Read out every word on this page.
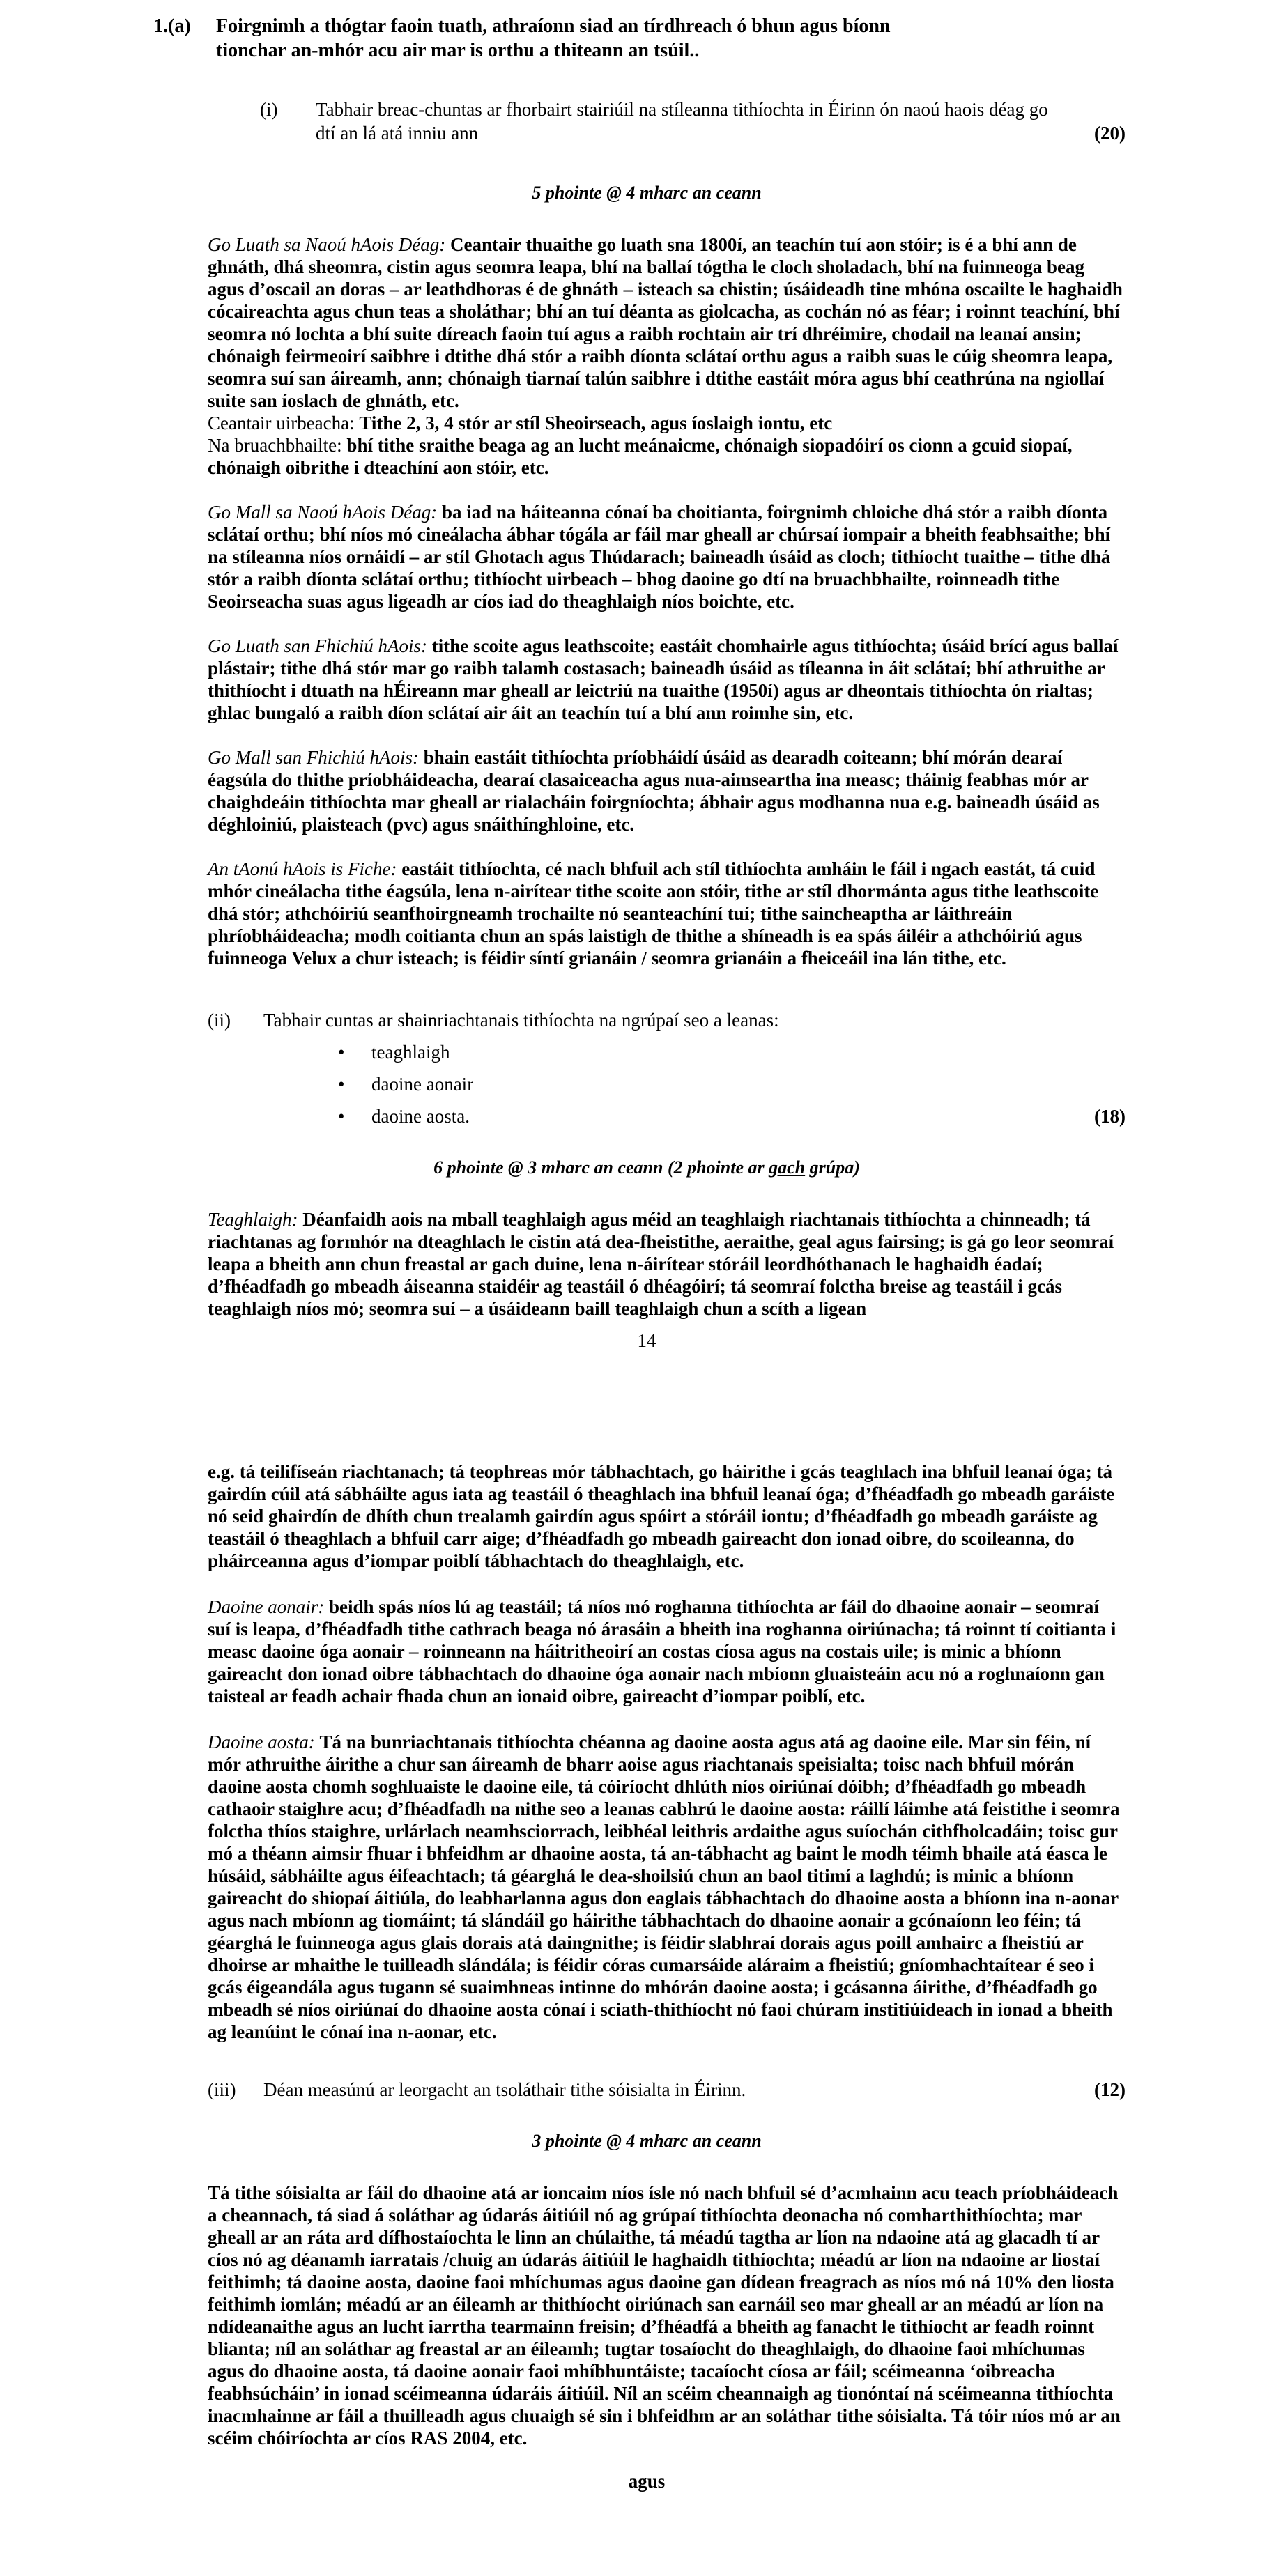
1.(a)	Foirgnimh a thógtar faoin tuath, athraíonn siad an tírdhreach ó bhun agus bíonn tionchar an-mhór acu air mar is orthu a thiteann an tsúil..
(i)	Tabhair breac-chuntas ar fhorbairt stairiúil na stíleanna tithíochta in Éirinn ón naoú haois déag go dtí an lá atá inniu ann	(20)
5 phointe @ 4 mharc an ceann

Go Luath sa Naoú hAois Déag: Ceantair thuaithe go luath sna 1800í, an teachín tuí aon stóir; is é a bhí ann de ghnáth, dhá sheomra, cistin agus seomra leapa, bhí na ballaí tógtha le cloch sholadach, bhí na fuinneoga beag agus d’oscail an doras – ar leathdhoras é de ghnáth – isteach sa chistin; úsáideadh tine mhóna oscailte le haghaidh cócaireachta agus chun teas a sholáthar; bhí an tuí déanta as giolcacha, as cochán nó as féar; i roinnt teachíní, bhí seomra nó lochta a bhí suite díreach faoin tuí agus a raibh rochtain air trí dhréimire, chodail na leanaí ansin; chónaigh feirmeoirí saibhre i dtithe dhá stór a raibh díonta sclátaí orthu agus a raibh suas le cúig sheomra leapa, seomra suí san áireamh, ann; chónaigh tiarnaí talún saibhre i dtithe eastáit móra agus bhí ceathrúna na ngiollaí suite san íoslach de ghnáth, etc.
Ceantair uirbeacha: Tithe 2, 3, 4 stór ar stíl Sheoirseach, agus íoslaigh iontu, etc
Na bruachbhailte: bhí tithe sraithe beaga ag an lucht meánaicme, chónaigh siopadóirí os cionn a gcuid siopaí, chónaigh oibrithe i dteachíní aon stóir, etc.

Go Mall sa Naoú hAois Déag: ba iad na háiteanna cónaí ba choitianta, foirgnimh chloiche dhá stór a raibh díonta sclátaí orthu; bhí níos mó cineálacha ábhar tógála ar fáil mar gheall ar chúrsaí iompair a bheith feabhsaithe; bhí na stíleanna níos ornáidí – ar stíl Ghotach agus Thúdarach; baineadh úsáid as cloch; tithíocht tuaithe – tithe dhá stór a raibh díonta sclátaí orthu; tithíocht uirbeach – bhog daoine go dtí na bruachbhailte, roinneadh tithe Seoirseacha suas agus ligeadh ar cíos iad do theaghlaigh níos boichte, etc.

Go Luath san Fhichiú hAois: tithe scoite agus leathscoite; eastáit chomhairle agus tithíochta; úsáid brící agus ballaí plástair; tithe dhá stór mar go raibh talamh costasach; baineadh úsáid as tíleanna in áit sclátaí; bhí athruithe ar thithíocht i dtuath na hÉireann mar gheall ar leictriú na tuaithe (1950í) agus ar dheontais tithíochta ón rialtas; ghlac bungaló a raibh díon sclátaí air áit an teachín tuí a bhí ann roimhe sin, etc.

Go Mall san Fhichiú hAois: bhain eastáit tithíochta príobháidí úsáid as dearadh coiteann; bhí mórán dearaí éagsúla do thithe príobháideacha, dearaí clasaiceacha agus nua-aimseartha ina measc; tháinig feabhas mór ar chaighdeáin tithíochta mar gheall ar rialacháin foirgníochta; ábhair agus modhanna nua e.g. baineadh úsáid as déghloiniú, plaisteach (pvc) agus snáithínghloine, etc.

An tAonú hAois is Fiche: eastáit tithíochta, cé nach bhfuil ach stíl tithíochta amháin le fáil i ngach eastát, tá cuid mhór cineálacha tithe éagsúla, lena n-airítear tithe scoite aon stóir, tithe ar stíl dhormánta agus tithe leathscoite dhá stór; athchóiriú seanfhoirgneamh trochailte nó seanteachíní tuí; tithe saincheaptha ar láithreáin phríobháideacha; modh coitianta chun an spás laistigh de thithe a shíneadh is ea spás áiléir a athchóiriú agus fuinneoga Velux a chur isteach; is féidir síntí grianáin / seomra grianáin a fheiceáil ina lán tithe, etc.

(ii)	Tabhair cuntas ar shainriachtanais tithíochta na ngrúpaí seo a leanas:
•	teaghlaigh
•	daoine aonair
•	daoine aosta.	(18)
6 phointe @ 3 mharc an ceann (2 phointe ar gach grúpa)

Teaghlaigh: Déanfaidh aois na mball teaghlaigh agus méid an teaghlaigh riachtanais tithíochta a chinneadh; tá riachtanas ag formhór na dteaghlach le cistin atá dea-fheistithe, aeraithe, geal agus fairsing; is gá go leor seomraí leapa a bheith ann chun freastal ar gach duine, lena n-áirítear stóráil leordhóthanach le haghaidh éadaí; d’fhéadfadh go mbeadh áiseanna staidéir ag teastáil ó dhéagóirí; tá seomraí folctha breise ag teastáil i gcás teaghlaigh níos mó; seomra suí – a úsáideann baill teaghlaigh chun a scíth a ligean

14

e.g. tá teilifíseán riachtanach; tá teophreas mór tábhachtach, go háirithe i gcás teaghlach ina bhfuil leanaí óga; tá gairdín cúil atá sábháilte agus iata ag teastáil ó theaghlach ina bhfuil leanaí óga; d’fhéadfadh go mbeadh garáiste nó seid ghairdín de dhíth chun trealamh gairdín agus spóirt a stóráil iontu; d’fhéadfadh go mbeadh garáiste ag teastáil ó theaghlach a bhfuil carr aige; d’fhéadfadh go mbeadh gaireacht don ionad oibre, do scoileanna, do pháirceanna agus d’iompar poiblí tábhachtach do theaghlaigh, etc.

Daoine aonair: beidh spás níos lú ag teastáil; tá níos mó roghanna tithíochta ar fáil do dhaoine aonair – seomraí suí is leapa, d’fhéadfadh tithe cathrach beaga nó árasáin a bheith ina roghanna oiriúnacha; tá roinnt tí coitianta i measc daoine óga aonair – roinneann na háitritheoirí an costas cíosa agus na costais uile; is minic a bhíonn gaireacht don ionad oibre tábhachtach do dhaoine óga aonair nach mbíonn gluaisteáin acu nó a roghnaíonn gan taisteal ar feadh achair fhada chun an ionaid oibre, gaireacht d’iompar poiblí, etc.

Daoine aosta: Tá na bunriachtanais tithíochta chéanna ag daoine aosta agus atá ag daoine eile. Mar sin féin, ní mór athruithe áirithe a chur san áireamh de bharr aoise agus riachtanais speisialta; toisc nach bhfuil mórán daoine aosta chomh soghluaiste le daoine eile, tá cóiríocht dhlúth níos oiriúnaí dóibh; d’fhéadfadh go mbeadh cathaoir staighre acu; d’fhéadfadh na nithe seo a leanas cabhrú le daoine aosta: ráillí láimhe atá feistithe i seomra folctha thíos staighre, urlárlach neamhsciorrach, leibhéal leithris ardaithe agus suíochán cithfholcadáin; toisc gur mó a théann aimsir fhuar i bhfeidhm ar dhaoine aosta, tá an-tábhacht ag baint le modh téimh bhaile atá éasca le húsáid, sábháilte agus éifeachtach; tá géarghá le dea-shoilsiú chun an baol titimí a laghdú; is minic a bhíonn gaireacht do shiopaí áitiúla, do leabharlanna agus don eaglais tábhachtach do dhaoine aosta a bhíonn ina n-aonar agus nach mbíonn ag tiomáint; tá slándáil go háirithe tábhachtach do dhaoine aonair a gcónaíonn leo féin; tá géarghá le fuinneoga agus glais dorais atá daingnithe; is féidir slabhraí dorais agus poill amhairc a fheistiú ar dhoirse ar mhaithe le tuilleadh slándála; is féidir córas cumarsáide aláraim a fheistiú; gníomhachtaítear é seo i gcás éigeandála agus tugann sé suaimhneas intinne do mhórán daoine aosta; i gcásanna áirithe, d’fhéadfadh go mbeadh sé níos oiriúnaí do dhaoine aosta cónaí i sciath-thithíocht nó faoi chúram institiúideach in ionad a bheith ag leanúint le cónaí ina n-aonar, etc.

(iii)	Déan measúnú ar leorgacht an tsoláthair tithe sóisialta in Éirinn.	(12)
3 phointe @ 4 mharc an ceann

Tá tithe sóisialta ar fáil do dhaoine atá ar ioncaim níos ísle nó nach bhfuil sé d’acmhainn acu teach príobháideach a cheannach, tá siad á soláthar ag údarás áitiúil nó ag grúpaí tithíochta deonacha nó comharthithíochta; mar gheall ar an ráta ard dífhostaíochta le linn an chúlaithe, tá méadú tagtha ar líon na ndaoine atá ag glacadh tí ar cíos nó ag déanamh iarratais /chuig an údarás áitiúil le haghaidh tithíochta; méadú ar líon na ndaoine ar liostaí feithimh; tá daoine aosta, daoine faoi mhíchumas agus daoine gan dídean freagrach as níos mó ná 10% den liosta feithimh iomlán; méadú ar an éileamh ar thithíocht oiriúnach san earnáil seo mar gheall ar an méadú ar líon na ndídeanaithe agus an lucht iarrtha tearmainn freisin; d’fhéadfá a bheith ag fanacht le tithíocht ar feadh roinnt blianta; níl an soláthar ag freastal ar an éileamh; tugtar tosaíocht do theaghlaigh, do dhaoine faoi mhíchumas agus do dhaoine aosta, tá daoine aonair faoi mhíbhuntáiste; tacaíocht cíosa ar fáil; scéimeanna ‘oibreacha feabhsúcháin’ in ionad scéimeanna údaráis áitiúil. Níl an scéim cheannaigh ag tionóntaí ná scéimeanna tithíochta inacmhainne ar fáil a thuilleadh agus chuaigh sé sin i bhfeidhm ar an soláthar tithe sóisialta. Tá tóir níos mó ar an scéim chóiríochta ar cíos RAS 2004, etc.

agus
